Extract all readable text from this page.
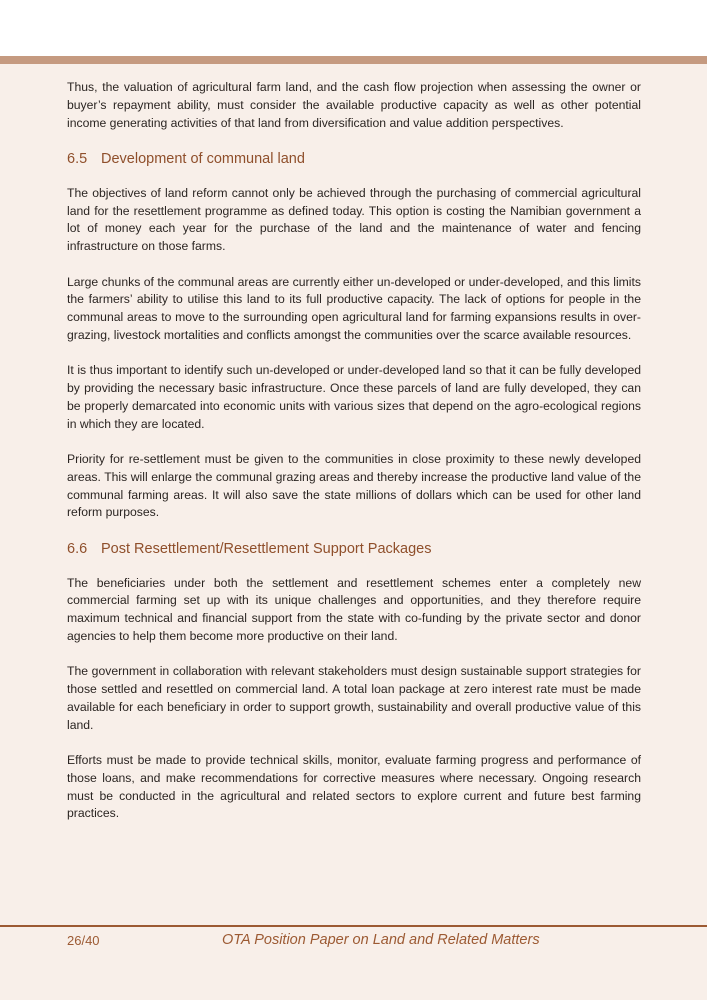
Thus, the valuation of agricultural farm land, and the cash flow projection when assessing the owner or buyer’s repayment ability, must consider the available productive capacity as well as other potential income generating activities of that land from diversification and value addition perspectives.

6.5 Development of communal land

The objectives of land reform cannot only be achieved through the purchasing of commercial agricultural land for the resettlement programme as defined today. This option is costing the Namibian government a lot of money each year for the purchase of the land and the maintenance of water and fencing infrastructure on those farms.

Large chunks of the communal areas are currently either un-developed or under-developed, and this limits the farmers’ ability to utilise this land to its full productive capacity. The lack of options for people in the communal areas to move to the surrounding open agricultural land for farming expansions results in over-grazing, livestock mortalities and conflicts amongst the communities over the scarce available resources.

It is thus important to identify such un-developed or under-developed land so that it can be fully developed by providing the necessary basic infrastructure. Once these parcels of land are fully developed, they can be properly demarcated into economic units with various sizes that depend on the agro-ecological regions in which they are located.

Priority for re-settlement must be given to the communities in close proximity to these newly developed areas. This will enlarge the communal grazing areas and thereby increase the productive land value of the communal farming areas. It will also save the state millions of dollars which can be used for other land reform purposes.

6.6 Post Resettlement/Resettlement Support Packages

The beneficiaries under both the settlement and resettlement schemes enter a completely new commercial farming set up with its unique challenges and opportunities, and they therefore require maximum technical and financial support from the state with co-funding by the private sector and donor agencies to help them become more productive on their land.

The government in collaboration with relevant stakeholders must design sustainable support strategies for those settled and resettled on commercial land. A total loan package at zero interest rate must be made available for each beneficiary in order to support growth, sustainability and overall productive value of this land.

Efforts must be made to provide technical skills, monitor, evaluate farming progress and performance of those loans, and make recommendations for corrective measures where necessary. Ongoing research must be conducted in the agricultural and related sectors to explore current and future best farming practices.

26/40	OTA Position Paper on Land and Related Matters
